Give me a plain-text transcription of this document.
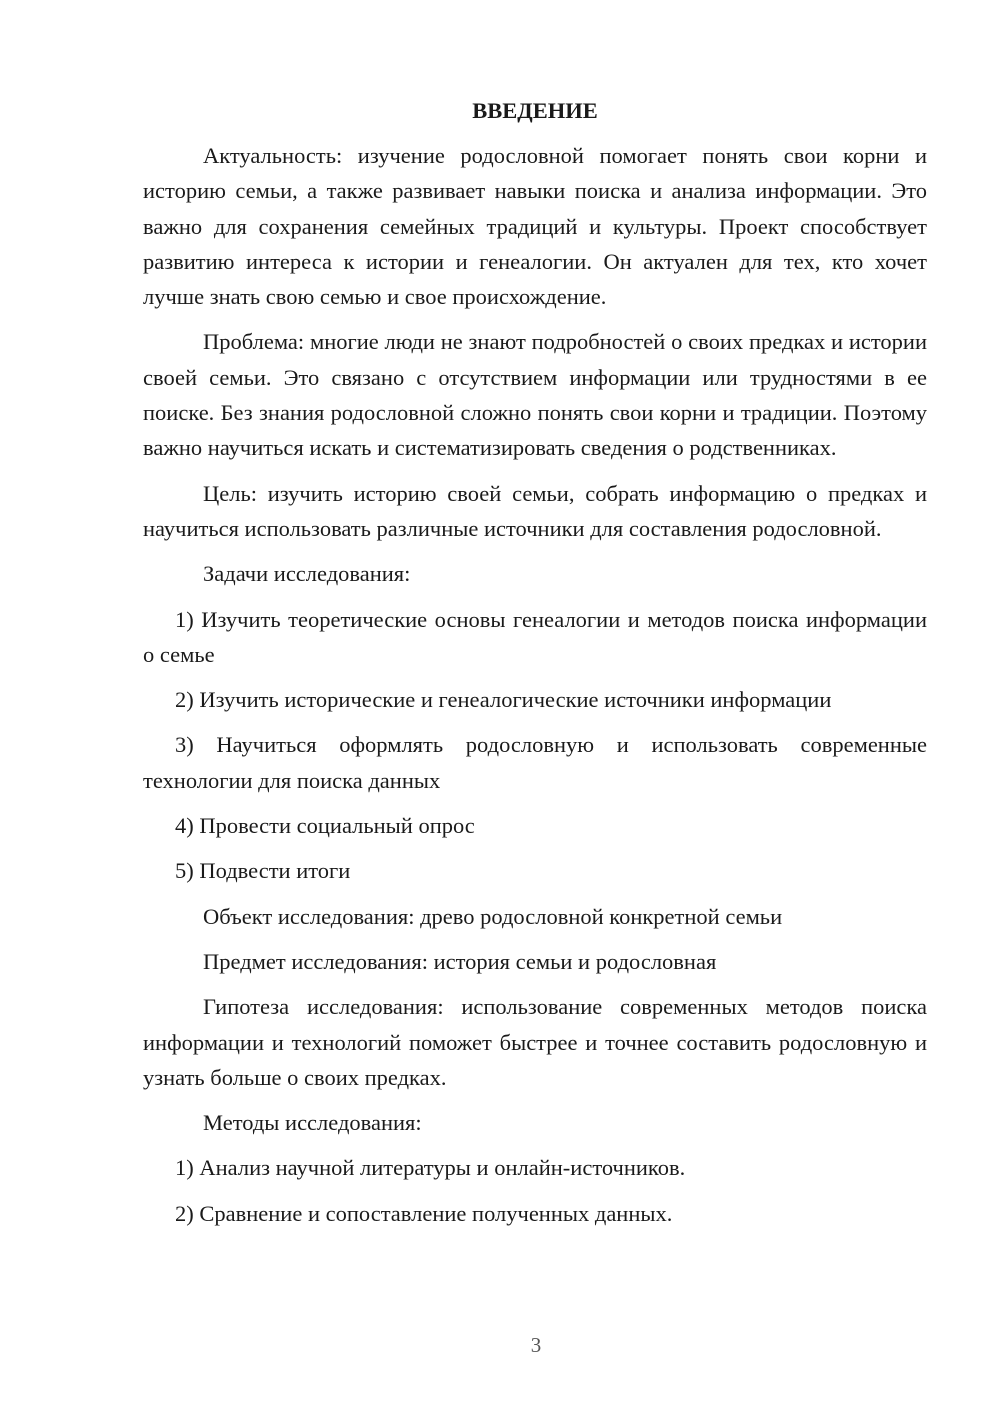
ВВЕДЕНИЕ

Актуальность: изучение родословной помогает понять свои корни и историю семьи, а также развивает навыки поиска и анализа информации. Это важно для сохранения семейных традиций и культуры. Проект способствует развитию интереса к истории и генеалогии. Он актуален для тех, кто хочет лучше знать свою семью и свое происхождение.

Проблема: многие люди не знают подробностей о своих предках и истории своей семьи. Это связано с отсутствием информации или трудностями в ее поиске. Без знания родословной сложно понять свои корни и традиции. Поэтому важно научиться искать и систематизировать сведения о родственниках.

Цель: изучить историю своей семьи, собрать информацию о предках и научиться использовать различные источники для составления родословной.

Задачи исследования:

1) Изучить теоретические основы генеалогии и методов поиска информации о семье

2) Изучить исторические и генеалогические источники информации

3) Научиться оформлять родословную и использовать современные технологии для поиска данных

4) Провести социальный опрос

5) Подвести итоги

Объект исследования: древо родословной конкретной семьи

Предмет исследования: история семьи и родословная

Гипотеза исследования: использование современных методов поиска информации и технологий поможет быстрее и точнее составить родословную и узнать больше о своих предках.

Методы исследования:

1) Анализ научной литературы и онлайн-источников.

2) Сравнение и сопоставление полученных данных.

3
